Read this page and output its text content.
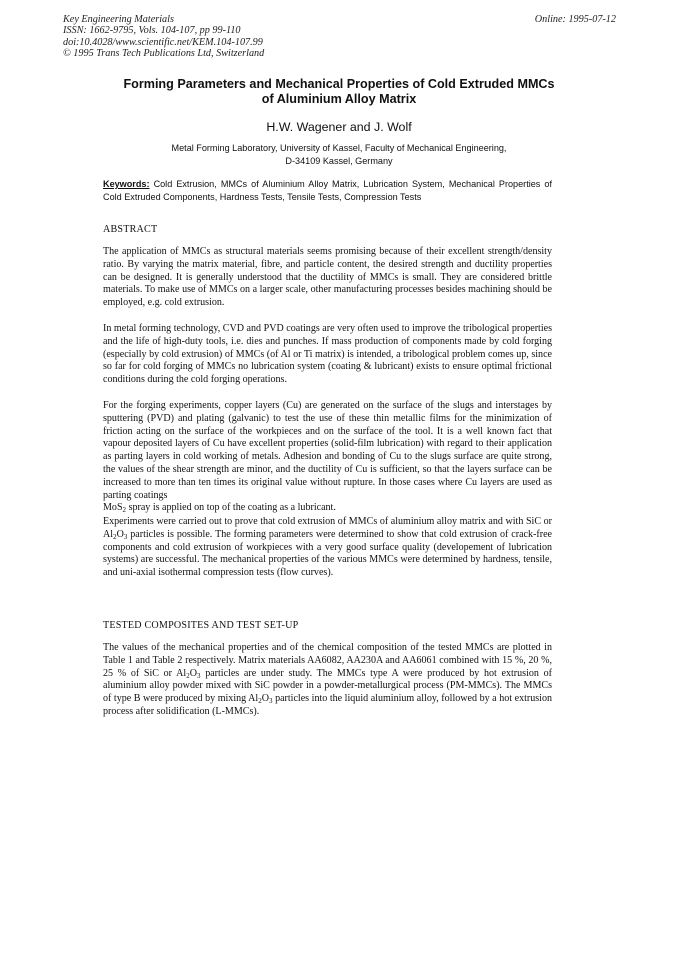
Key Engineering Materials
ISSN: 1662-9795, Vols. 104-107, pp 99-110
doi:10.4028/www.scientific.net/KEM.104-107.99
© 1995 Trans Tech Publications Ltd, Switzerland
Online: 1995-07-12
Forming Parameters and Mechanical Properties of Cold Extruded MMCs
of Aluminium Alloy Matrix
H.W. Wagener and J. Wolf
Metal Forming Laboratory, University of Kassel, Faculty of Mechanical Engineering,
D-34109 Kassel, Germany
Keywords: Cold Extrusion, MMCs of Aluminium Alloy Matrix, Lubrication System, Mechanical Properties of Cold Extruded Components, Hardness Tests, Tensile Tests, Compression Tests
ABSTRACT

The application of MMCs as structural materials seems promising because of their excellent strength/density ratio. By varying the matrix material, fibre, and particle content, the desired strength and ductility properties can be designed. It is generally understood that the ductility of MMCs is small. They are considered brittle materials. To make use of MMCs on a larger scale, other manufacturing processes besides machining should be employed, e.g. cold extrusion.

In metal forming technology, CVD and PVD coatings are very often used to improve the tribological properties and the life of high-duty tools, i.e. dies and punches. If mass production of components made by cold forging (especially by cold extrusion) of MMCs (of Al or Ti matrix) is intended, a tribological problem comes up, since so far for cold forging of MMCs no lubrication system (coating & lubricant) exists to ensure optimal frictional conditions during the cold forging operations.

For the forging experiments, copper layers (Cu) are generated on the surface of the slugs and interstages by sputtering (PVD) and plating (galvanic) to test the use of these thin metallic films for the minimization of friction acting on the surface of the workpieces and on the surface of the tool. It is a well known fact that vapour deposited layers of Cu have excellent properties (solid-film lubrication) with regard to their application as parting layers in cold working of metals. Adhesion and bonding of Cu to the slugs surface are quite strong, the values of the shear strength are minor, and the ductility of Cu is sufficient, so that the layers surface can be increased to more than ten times its original value without rupture. In those cases where Cu layers are used as parting coatings
MoS$_2$ spray is applied on top of the coating as a lubricant.

Experiments were carried out to prove that cold extrusion of MMCs of aluminium alloy matrix and with SiC or $Al_2O_3$ particles is possible. The forming parameters were determined to show that cold extrusion of crack-free components and cold extrusion of workpieces with a very good surface quality (developement of lubrication systems) are successful. The mechanical properties of the various MMCs were determined by hardness, tensile, and uni-axial isothermal compression tests (flow curves).

TESTED COMPOSITES AND TEST SET-UP

The values of the mechanical properties and of the chemical composition of the tested MMCs are plotted in Table 1 and Table 2 respectively. Matrix materials AA6082, AA230A and AA6061 combined with 15 %, 20 %, 25 % of SiC or $Al_2O_3$ particles are under study. The MMCs type A were produced by hot extrusion of aluminium alloy powder mixed with SiC powder in a powder-metallurgical process (PM-MMCs). The MMCs of type B were produced by mixing $Al_2O_3$ particles into the liquid aluminium alloy, followed by a hot extrusion process after solidification (L-MMCs).
